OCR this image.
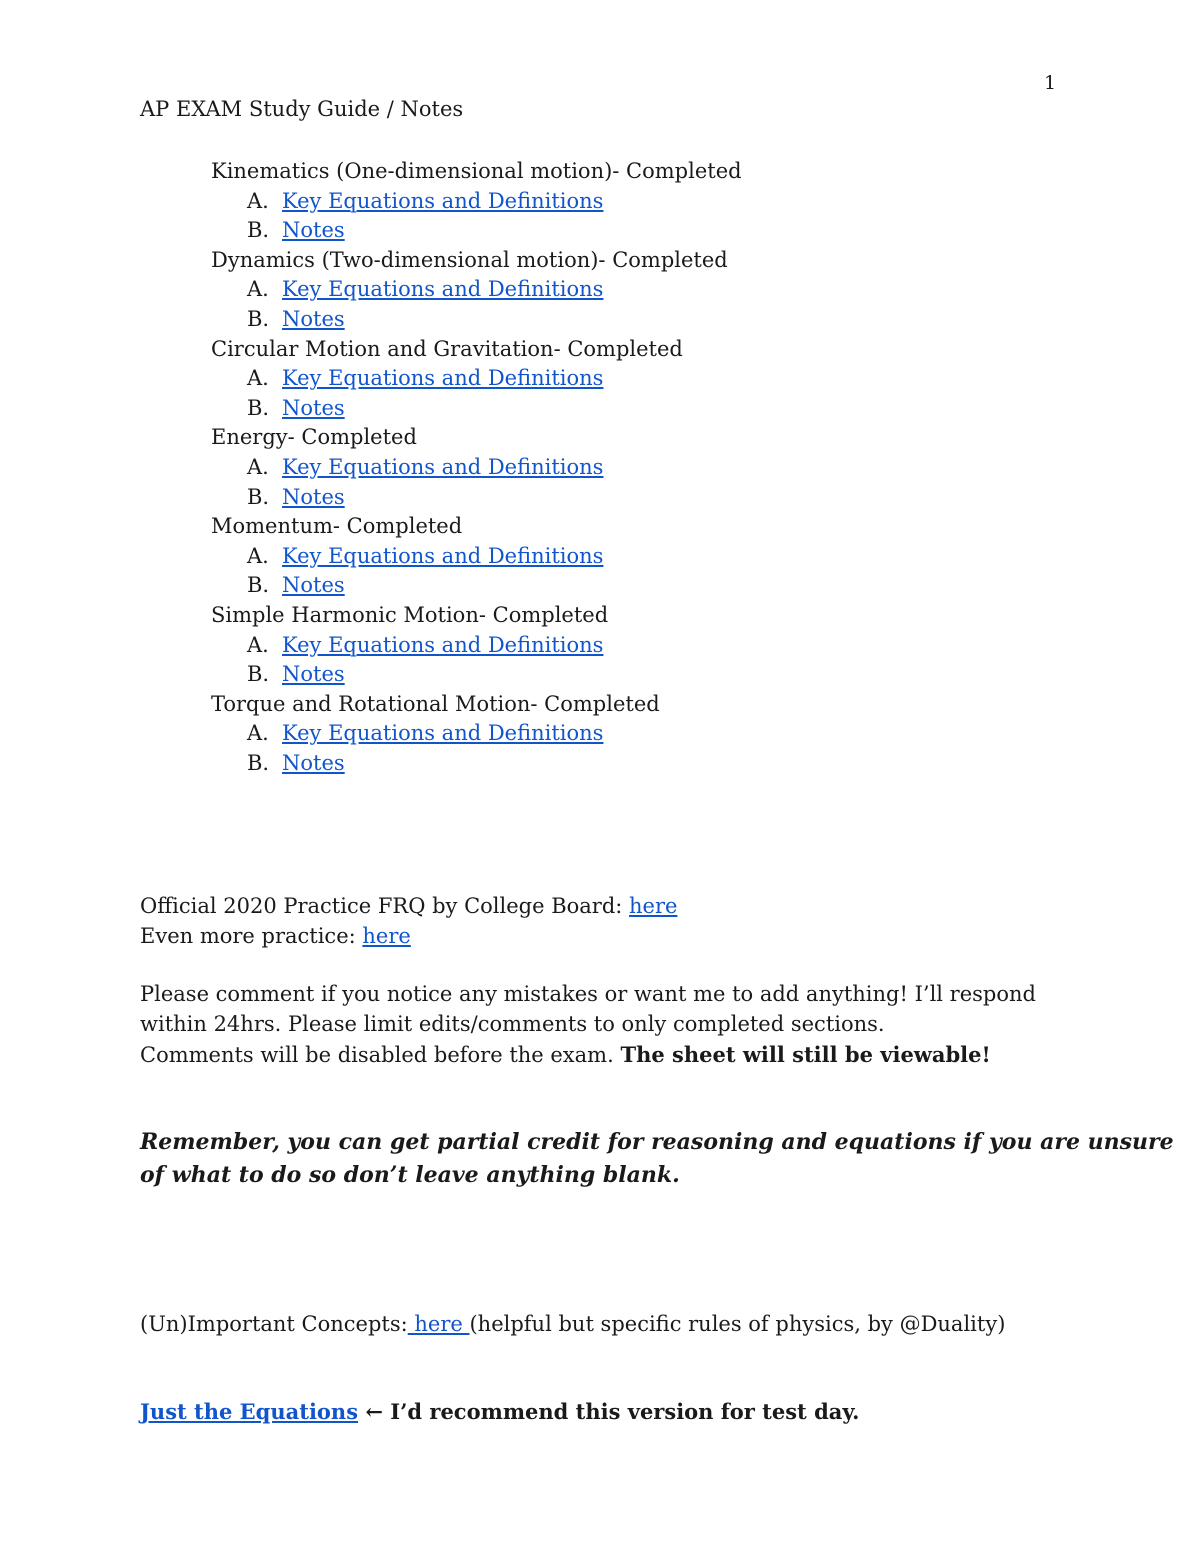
1
AP EXAM Study Guide / Notes
Kinematics (One-dimensional motion)- Completed
A. Key Equations and Definitions
B. Notes
Dynamics (Two-dimensional motion)- Completed
A. Key Equations and Definitions
B. Notes
Circular Motion and Gravitation- Completed
A. Key Equations and Definitions
B. Notes
Energy- Completed
A. Key Equations and Definitions
B. Notes
Momentum- Completed
A. Key Equations and Definitions
B. Notes
Simple Harmonic Motion- Completed
A. Key Equations and Definitions
B. Notes
Torque and Rotational Motion- Completed
A. Key Equations and Definitions
B. Notes
Official 2020 Practice FRQ by College Board: here
Even more practice: here
Please comment if you notice any mistakes or want me to add anything! I’ll respond
within 24hrs. Please limit edits/comments to only completed sections.
Comments will be disabled before the exam. The sheet will still be viewable!
Remember, you can get partial credit for reasoning and equations if you are unsure
of what to do so don’t leave anything blank.
(Un)Important Concepts: here (helpful but specific rules of physics, by @Duality)
Just the Equations ← I’d recommend this version for test day.
